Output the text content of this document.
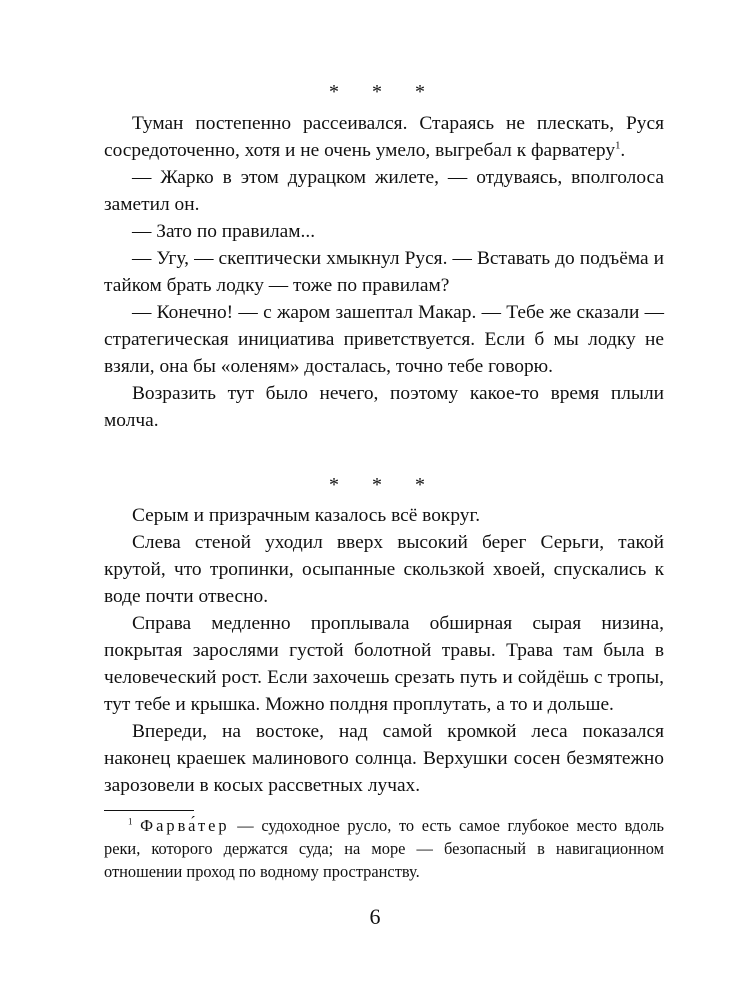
* * *

Туман постепенно рассеивался. Стараясь не плескать, Руся сосредоточенно, хотя и не очень умело, выгребал к фарватеру$^1$.

— Жарко в этом дурацком жилете, — отдуваясь, вполголоса заметил он.

— Зато по правилам...

— Угу, — скептически хмыкнул Руся. — Вставать до подъёма и тайком брать лодку — тоже по правилам?

— Конечно! — с жаром зашептал Макар. — Тебе же сказали — стратегическая инициатива приветствуется. Если б мы лодку не взяли, она бы «оленям» досталась, точно тебе говорю.

Возразить тут было нечего, поэтому какое-то время плыли молча.

* * *

Серым и призрачным казалось всё вокруг.

Слева стеной уходил вверх высокий берег Серьги, такой крутой, что тропинки, осыпанные скользкой хвоей, спускались к воде почти отвесно.

Справа медленно проплывала обширная сырая низина, покрытая зарослями густой болотной травы. Трава там была в человеческий рост. Если захочешь срезать путь и сойдёшь с тропы, тут тебе и крышка. Можно полдня проплутать, а то и дольше.

Впереди, на востоке, над самой кромкой леса показался наконец краешек малинового солнца. Верхушки сосен безмятежно зарозовели в косых рассветных лучах.

$^1$ Фарва́тер — судоходное русло, то есть самое глубокое место вдоль реки, которого держатся суда; на море — безопасный в навигационном отношении проход по водному пространству.

6
